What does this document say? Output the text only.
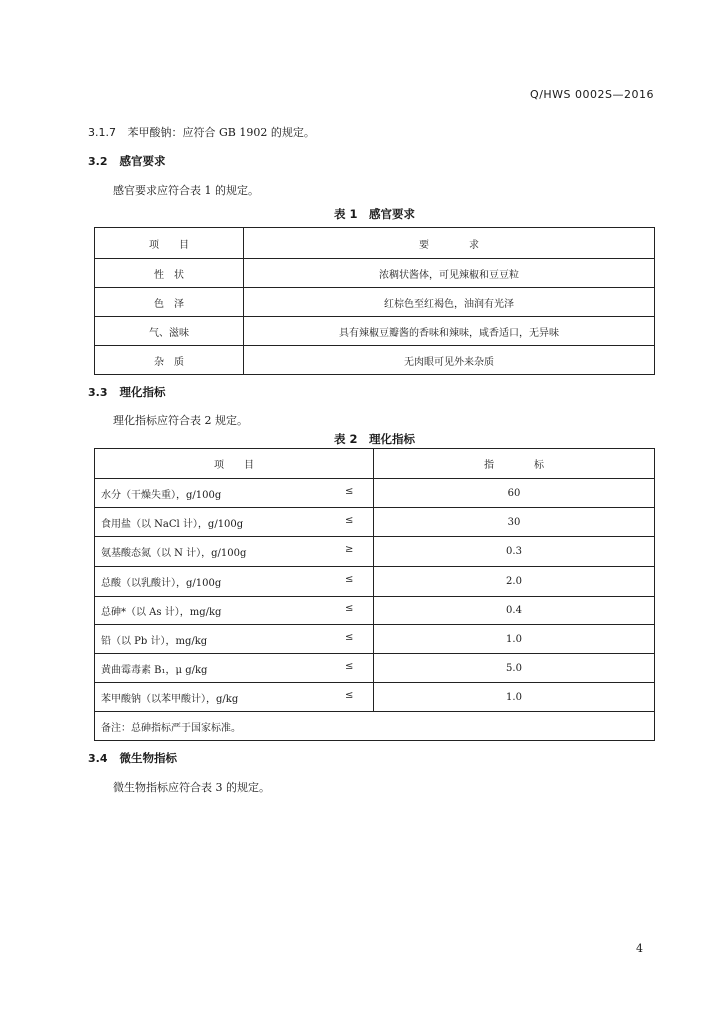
Q/HWS 0002S—2016
3.1.7 苯甲酸钠：应符合 GB 1902 的规定。
3.2 感官要求
感官要求应符合表 1 的规定。
表 1　感官要求
项　　目	要　　　　求
性　状	浓稠状酱体，可见辣椒和豆豆粒
色　泽	红棕色至红褐色，油润有光泽
气、滋味	具有辣椒豆瓣酱的香味和辣味，咸香适口，无异味
杂　质	无肉眼可见外来杂质
3.3 理化指标
理化指标应符合表 2 规定。
表 2　理化指标
项　　目	指　　　　标
水分（干燥失重），g/100g ≤	60
食用盐（以 NaCl 计），g/100g ≤	30
氨基酸态氮（以 N 计），g/100g ≥	0.3
总酸（以乳酸计），g/100g ≤	2.0
总砷*（以 As 计），mg/kg ≤	0.4
铅（以 Pb 计），mg/kg ≤	1.0
黄曲霉毒素 B₁，μ g/kg ≤	5.0
苯甲酸钠（以苯甲酸计），g/kg ≤	1.0
备注：总砷指标严于国家标准。	
3.4 微生物指标
微生物指标应符合表 3 的规定。
4
